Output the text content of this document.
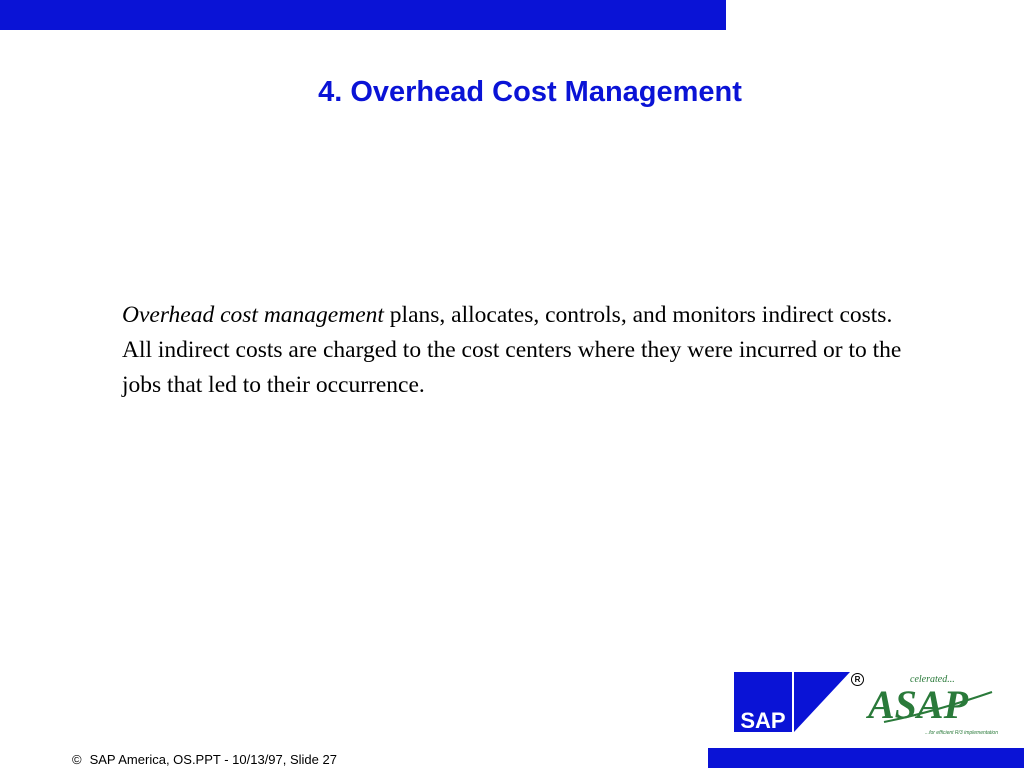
4. Overhead Cost Management
Overhead cost management plans, allocates, controls, and monitors indirect costs. All indirect costs are charged to the cost centers where they were incurred or to the jobs that led to their occurrence.
SAP
R	celerated...
ASAP
...for efficient R/3 implementation
© SAP America, OS.PPT - 10/13/97, Slide 27
